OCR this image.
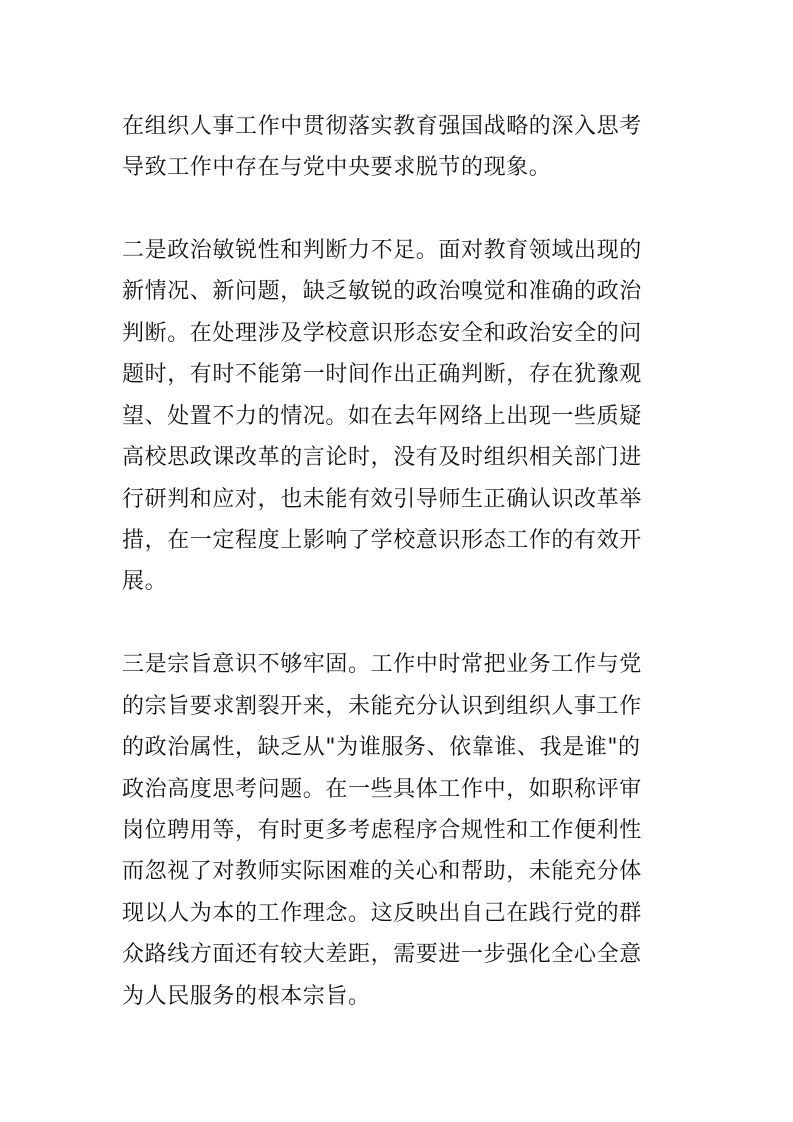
在组织人事工作中贯彻落实教育强国战略的深入思考
导致工作中存在与党中央要求脱节的现象。
二是政治敏锐性和判断力不足。面对教育领域出现的
新情况、新问题，缺乏敏锐的政治嗅觉和准确的政治
判断。在处理涉及学校意识形态安全和政治安全的问
题时，有时不能第一时间作出正确判断，存在犹豫观
望、处置不力的情况。如在去年网络上出现一些质疑
高校思政课改革的言论时，没有及时组织相关部门进
行研判和应对，也未能有效引导师生正确认识改革举
措，在一定程度上影响了学校意识形态工作的有效开
展。
三是宗旨意识不够牢固。工作中时常把业务工作与党
的宗旨要求割裂开来，未能充分认识到组织人事工作
的政治属性，缺乏从"为谁服务、依靠谁、我是谁"的
政治高度思考问题。在一些具体工作中，如职称评审
岗位聘用等，有时更多考虑程序合规性和工作便利性
而忽视了对教师实际困难的关心和帮助，未能充分体
现以人为本的工作理念。这反映出自己在践行党的群
众路线方面还有较大差距，需要进一步强化全心全意
为人民服务的根本宗旨。
